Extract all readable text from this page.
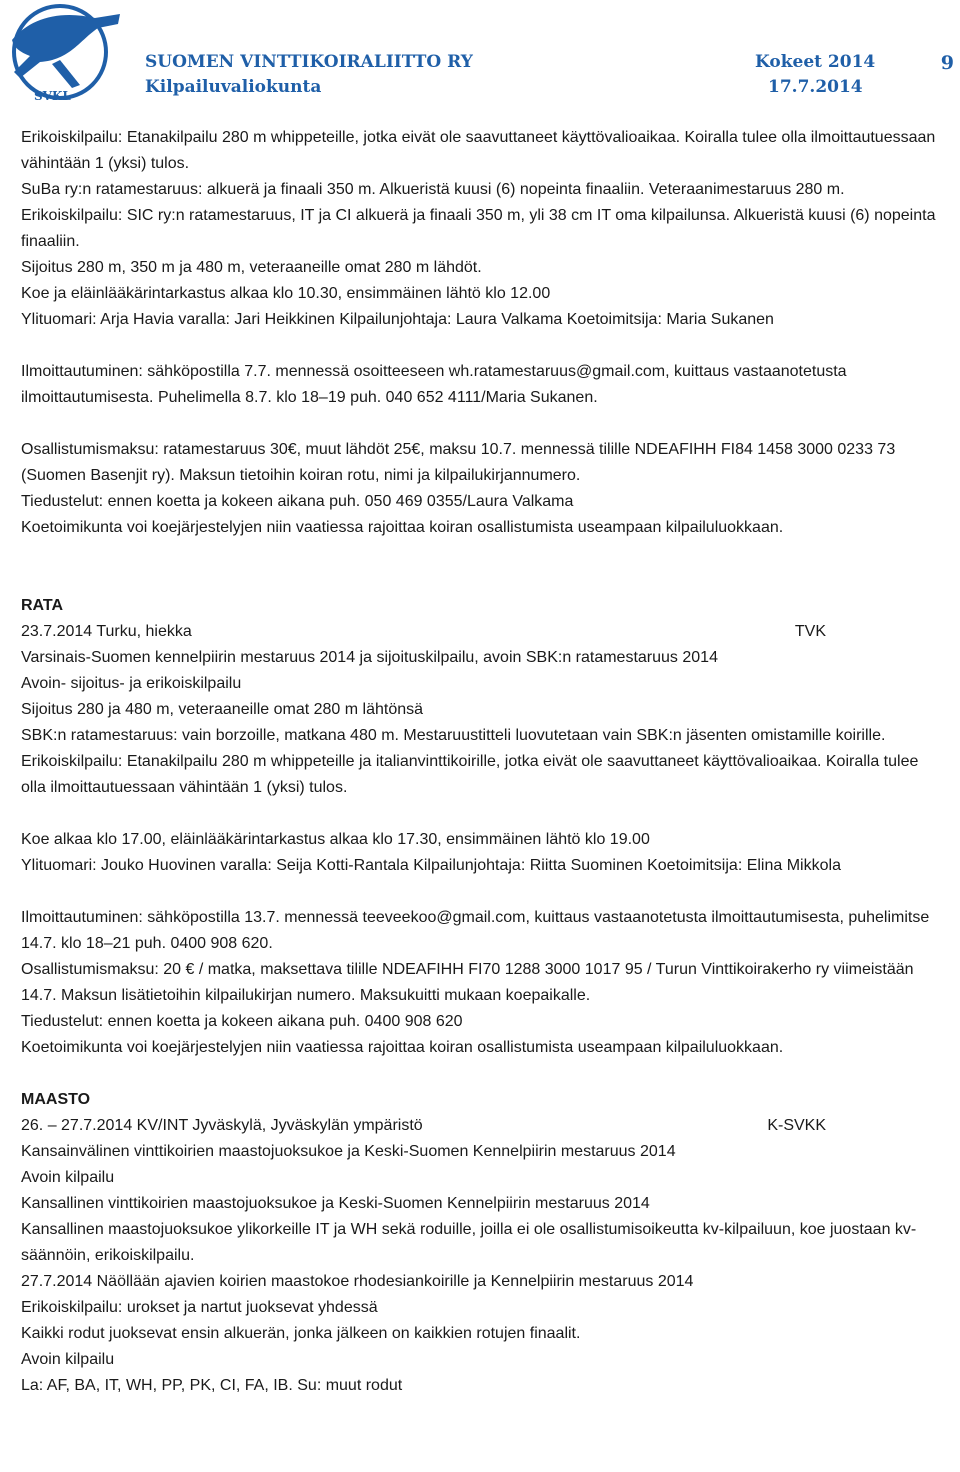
SVKL
SUOMEN VINTTIKOIRALIITTO RY
Kilpailuvaliokunta
Kokeet 2014
17.7.2014
9

Erikoiskilpailu: Etanakilpailu 280 m whippeteille, jotka eivät ole saavuttaneet käyttövalioaikaa. Koiralla tulee olla ilmoittautuessaan vähintään 1 (yksi) tulos.

SuBa ry:n ratamestaruus: alkuerä ja finaali 350 m. Alkueristä kuusi (6) nopeinta finaaliin. Veteraanimestaruus 280 m.

Erikoiskilpailu: SIC ry:n ratamestaruus, IT ja CI alkuerä ja finaali 350 m, yli 38 cm IT oma kilpailunsa. Alkueristä kuusi (6) nopeinta finaaliin.

Sijoitus 280 m, 350 m ja 480 m, veteraaneille omat 280 m lähdöt.

Koe ja eläinlääkärintarkastus alkaa klo 10.30, ensimmäinen lähtö klo 12.00

Ylituomari: Arja Havia varalla: Jari Heikkinen Kilpailunjohtaja: Laura Valkama Koetoimitsija: Maria Sukanen

Ilmoittautuminen: sähköpostilla 7.7. mennessä osoitteeseen wh.ratamestaruus@gmail.com, kuittaus vastaanotetusta ilmoittautumisesta. Puhelimella 8.7. klo 18–19 puh. 040 652 4111/Maria Sukanen.

Osallistumismaksu: ratamestaruus 30€, muut lähdöt 25€, maksu 10.7. mennessä tilille NDEAFIHH FI84 1458 3000 0233 73 (Suomen Basenjit ry). Maksun tietoihin koiran rotu, nimi ja kilpailukirjannumero.

Tiedustelut: ennen koetta ja kokeen aikana puh. 050 469 0355/Laura Valkama

Koetoimikunta voi koejärjestelyjen niin vaatiessa rajoittaa koiran osallistumista useampaan kilpailuluokkaan.

RATA

23.7.2014 Turku, hiekka	TVK

Varsinais-Suomen kennelpiirin mestaruus 2014 ja sijoituskilpailu, avoin SBK:n ratamestaruus 2014

Avoin- sijoitus- ja erikoiskilpailu

Sijoitus 280 ja 480 m, veteraaneille omat 280 m lähtönsä

SBK:n ratamestaruus: vain borzoille, matkana 480 m. Mestaruustitteli luovutetaan vain SBK:n jäsenten omistamille koirille.

Erikoiskilpailu: Etanakilpailu 280 m whippeteille ja italianvinttikoirille, jotka eivät ole saavuttaneet käyttövalioaikaa. Koiralla tulee olla ilmoittautuessaan vähintään 1 (yksi) tulos.

Koe alkaa klo 17.00, eläinlääkärintarkastus alkaa klo 17.30, ensimmäinen lähtö klo 19.00

Ylituomari: Jouko Huovinen varalla: Seija Kotti-Rantala Kilpailunjohtaja: Riitta Suominen Koetoimitsija: Elina Mikkola

Ilmoittautuminen: sähköpostilla 13.7. mennessä teeveekoo@gmail.com, kuittaus vastaanotetusta ilmoittautumisesta, puhelimitse 14.7. klo 18–21 puh. 0400 908 620.

Osallistumismaksu: 20 € / matka, maksettava tilille NDEAFIHH FI70 1288 3000 1017 95 / Turun Vinttikoirakerho ry viimeistään 14.7. Maksun lisätietoihin kilpailukirjan numero. Maksukuitti mukaan koepaikalle.

Tiedustelut: ennen koetta ja kokeen aikana puh. 0400 908 620

Koetoimikunta voi koejärjestelyjen niin vaatiessa rajoittaa koiran osallistumista useampaan kilpailuluokkaan.

MAASTO

26. – 27.7.2014 KV/INT Jyväskylä, Jyväskylän ympäristö	K-SVKK

Kansainvälinen vinttikoirien maastojuoksukoe ja Keski-Suomen Kennelpiirin mestaruus 2014

Avoin kilpailu

Kansallinen vinttikoirien maastojuoksukoe ja Keski-Suomen Kennelpiirin mestaruus 2014

Kansallinen maastojuoksukoe ylikorkeille IT ja WH sekä roduille, joilla ei ole osallistumisoikeutta kv-kilpailuun, koe juostaan kv-säännöin, erikoiskilpailu.

27.7.2014 Näöllään ajavien koirien maastokoe rhodesiankoirille ja Kennelpiirin mestaruus 2014

Erikoiskilpailu: urokset ja nartut juoksevat yhdessä

Kaikki rodut juoksevat ensin alkuerän, jonka jälkeen on kaikkien rotujen finaalit.

Avoin kilpailu

La: AF, BA, IT, WH, PP, PK, CI, FA, IB. Su: muut rodut
